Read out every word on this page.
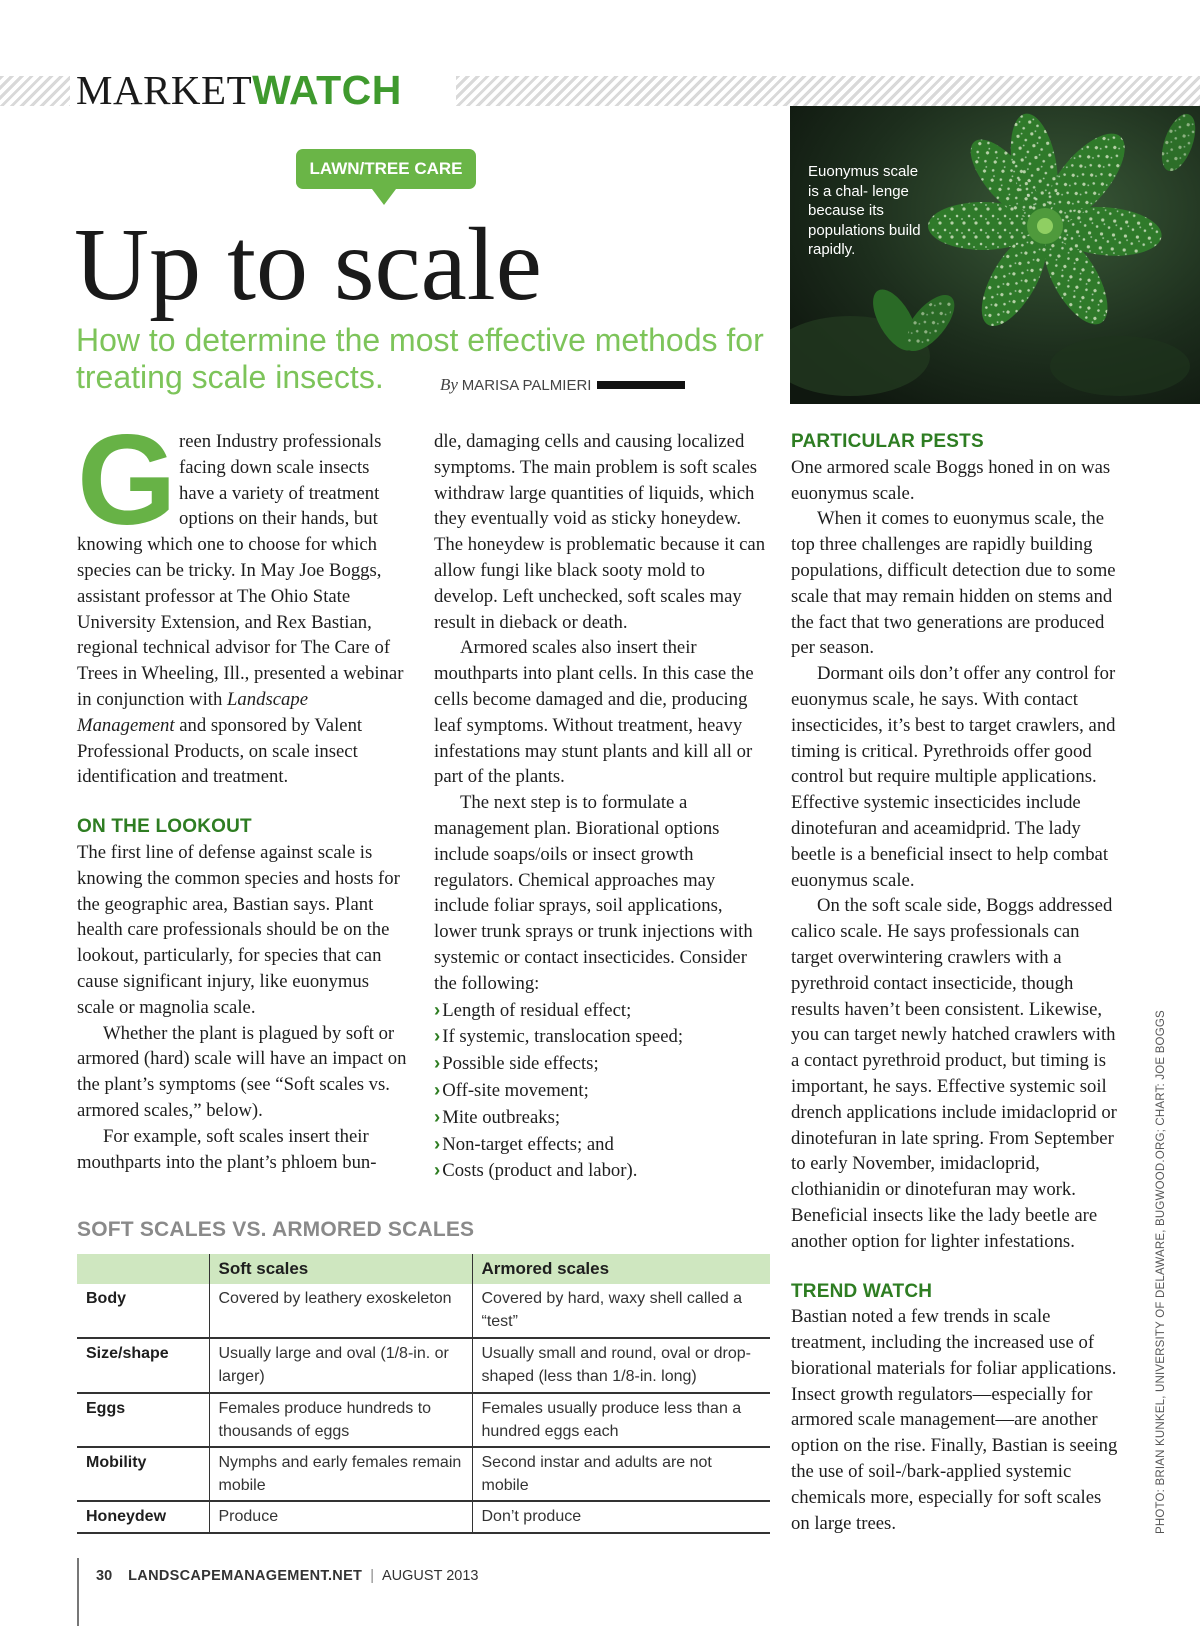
MARKETWATCH
Euonymus scale is a chal- lenge because its populations build rapidly.
LAWN/TREE CARE
Up to scale
How to determine the most effective methods for treating scale insects.	By MARISA PALMIERI

Green Industry professionals facing down scale insects have a variety of treatment options on their hands, but knowing which one to choose for which species can be tricky. In May Joe Boggs, assistant professor at The Ohio State University Extension, and Rex Bastian, regional technical advisor for The Care of Trees in Wheeling, Ill., presented a webinar in conjunction with Landscape Management and sponsored by Valent Professional Products, on scale insect identification and treatment.

ON THE LOOKOUT

The first line of defense against scale is knowing the common species and hosts for the geographic area, Bastian says. Plant health care professionals should be on the lookout, particularly, for species that can cause significant injury, like euonymus scale or magnolia scale.

Whether the plant is plagued by soft or armored (hard) scale will have an impact on the plant’s symptoms (see “Soft scales vs. armored scales,” below).

For example, soft scales insert their mouthparts into the plant’s phloem bun-

dle, damaging cells and causing localized symptoms. The main problem is soft scales withdraw large quantities of liquids, which they eventually void as sticky honeydew. The honeydew is problematic because it can allow fungi like black sooty mold to develop. Left unchecked, soft scales may result in dieback or death.

Armored scales also insert their mouthparts into plant cells. In this case the cells become damaged and die, producing leaf symptoms. Without treatment, heavy infestations may stunt plants and kill all or part of the plants.

The next step is to formulate a management plan. Biorational options include soaps/oils or insect growth regulators. Chemical approaches may include foliar sprays, soil applications, lower trunk sprays or trunk injections with systemic or contact insecticides. Consider the following:

› Length of residual effect;
› If systemic, translocation speed;
› Possible side effects;
› Off-site movement;
› Mite outbreaks;
› Non-target effects; and
› Costs (product and labor).
PARTICULAR PESTS

One armored scale Boggs honed in on was euonymus scale.

When it comes to euonymus scale, the top three challenges are rapidly building populations, difficult detection due to some scale that may remain hidden on stems and the fact that two generations are produced per season.

Dormant oils don’t offer any control for euonymus scale, he says. With contact insecticides, it’s best to target crawlers, and timing is critical. Pyrethroids offer good control but require multiple applications. Effective systemic insecticides include dinotefuran and aceamidprid. The lady beetle is a beneficial insect to help combat euonymus scale.

On the soft scale side, Boggs addressed calico scale. He says professionals can target overwintering crawlers with a pyrethroid contact insecticide, though results haven’t been consistent. Likewise, you can target newly hatched crawlers with a contact pyrethroid product, but timing is important, he says. Effective systemic soil drench applications include imidacloprid or dinotefuran in late spring. From September to early November, imidacloprid, clothianidin or dinotefuran may work. Beneficial insects like the lady beetle are another option for lighter infestations.

TREND WATCH

Bastian noted a few trends in scale treatment, including the increased use of biorational materials for foliar applications. Insect growth regulators—especially for armored scale management—are another option on the rise. Finally, Bastian is seeing the use of soil-/bark-applied systemic chemicals more, especially for soft scales on large trees.

SOFT SCALES VS. ARMORED SCALES
	Soft scales	Armored scales
Body	Covered by leathery exoskeleton	Covered by hard, waxy shell called a “test”
Size/shape	Usually large and oval (1/8-in. or larger)	Usually small and round, oval or drop-shaped (less than 1/8-in. long)
Eggs	Females produce hundreds to thousands of eggs	Females usually produce less than a hundred eggs each
Mobility	Nymphs and early females remain mobile	Second instar and adults are not mobile
Honeydew	Produce	Don’t produce
30 LANDSCAPEMANAGEMENT.NET | AUGUST 2013
PHOTO: BRIAN KUNKEL, UNIVERSITY OF DELAWARE, BUGWOOD.ORG; CHART: JOE BOGGS
